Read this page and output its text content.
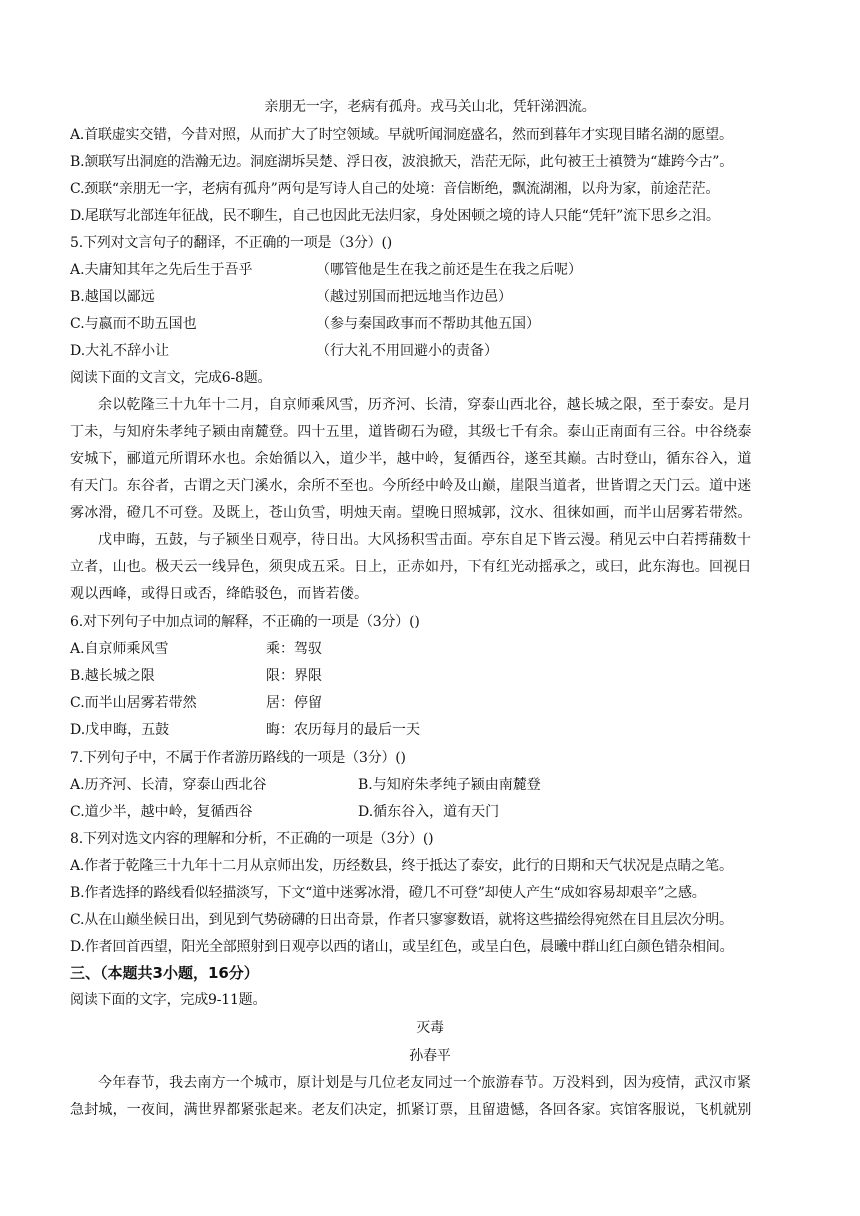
亲朋无一字，老病有孤舟。戎马关山北，凭轩涕泗流。
A.首联虚实交错，今昔对照，从而扩大了时空领域。早就听闻洞庭盛名，然而到暮年才实现目睹名湖的愿望。
B.颔联写出洞庭的浩瀚无边。洞庭湖坼吴楚、浮日夜，波浪掀天，浩茫无际，此句被王士禛赞为“雄跨今古”。
C.颈联“亲朋无一字，老病有孤舟”两句是写诗人自己的处境：音信断绝，飘流湖湘，以舟为家，前途茫茫。
D.尾联写北部连年征战，民不聊生，自己也因此无法归家，身处困顿之境的诗人只能“凭轩”流下思乡之泪。
5.下列对文言句子的翻译，不正确的一项是（3分）()
A.夫庸知其年之先后生于吾乎	（哪管他是生在我之前还是生在我之后呢）
B.越国以鄙远	（越过别国而把远地当作边邑）
C.与嬴而不助五国也	（参与秦国政事而不帮助其他五国）
D.大礼不辞小让	（行大礼不用回避小的责备）
阅读下面的文言文，完成6-8题。
余以乾隆三十九年十二月，自京师乘风雪，历齐河、长清，穿泰山西北谷，越长城之限，至于泰安。是月
丁未，与知府朱孝纯子颍由南麓登。四十五里，道皆砌石为磴，其级七千有余。泰山正南面有三谷。中谷绕泰
安城下，郦道元所谓环水也。余始循以入，道少半，越中岭，复循西谷，遂至其巅。古时登山，循东谷入，道
有天门。东谷者，古谓之天门溪水，余所不至也。今所经中岭及山巅，崖限当道者，世皆谓之天门云。道中迷
雾冰滑，磴几不可登。及既上，苍山负雪，明烛天南。望晚日照城郭，汶水、徂徕如画，而半山居雾若带然。
戊申晦，五鼓，与子颍坐日观亭，待日出。大风扬积雪击面。亭东自足下皆云漫。稍见云中白若摴蒱数十
立者，山也。极天云一线异色，须臾成五采。日上，正赤如丹，下有红光动摇承之，或曰，此东海也。回视日
观以西峰，或得日或否，绛皓驳色，而皆若偻。
6.对下列句子中加点词的解释，不正确的一项是（3分）()
A.自京师乘风雪	乘：驾驭
B.越长城之限	限：界限
C.而半山居雾若带然	居：停留
D.戊申晦，五鼓	晦：农历每月的最后一天
7.下列句子中，不属于作者游历路线的一项是（3分）()
A.历齐河、长清，穿泰山西北谷	B.与知府朱孝纯子颍由南麓登
C.道少半，越中岭，复循西谷	D.循东谷入，道有天门
8.下列对选文内容的理解和分析，不正确的一项是（3分）()
A.作者于乾隆三十九年十二月从京师出发，历经数县，终于抵达了泰安，此行的日期和天气状况是点睛之笔。
B.作者选择的路线看似轻描淡写，下文“道中迷雾冰滑，磴几不可登”却使人产生“成如容易却艰辛”之感。
C.从在山巅坐候日出，到见到气势磅礴的日出奇景，作者只寥寥数语，就将这些描绘得宛然在目且层次分明。
D.作者回首西望，阳光全部照射到日观亭以西的诸山，或呈红色，或呈白色，晨曦中群山红白颜色错杂相间。
三、（本题共3小题，16分）
阅读下面的文字，完成9-11题。
灭毒
孙春平
今年春节，我去南方一个城市，原计划是与几位老友同过一个旅游春节。万没料到，因为疫情，武汉市紧
急封城，一夜间，满世界都紧张起来。老友们决定，抓紧订票，且留遗憾，各回各家。宾馆客服说，飞机就别
